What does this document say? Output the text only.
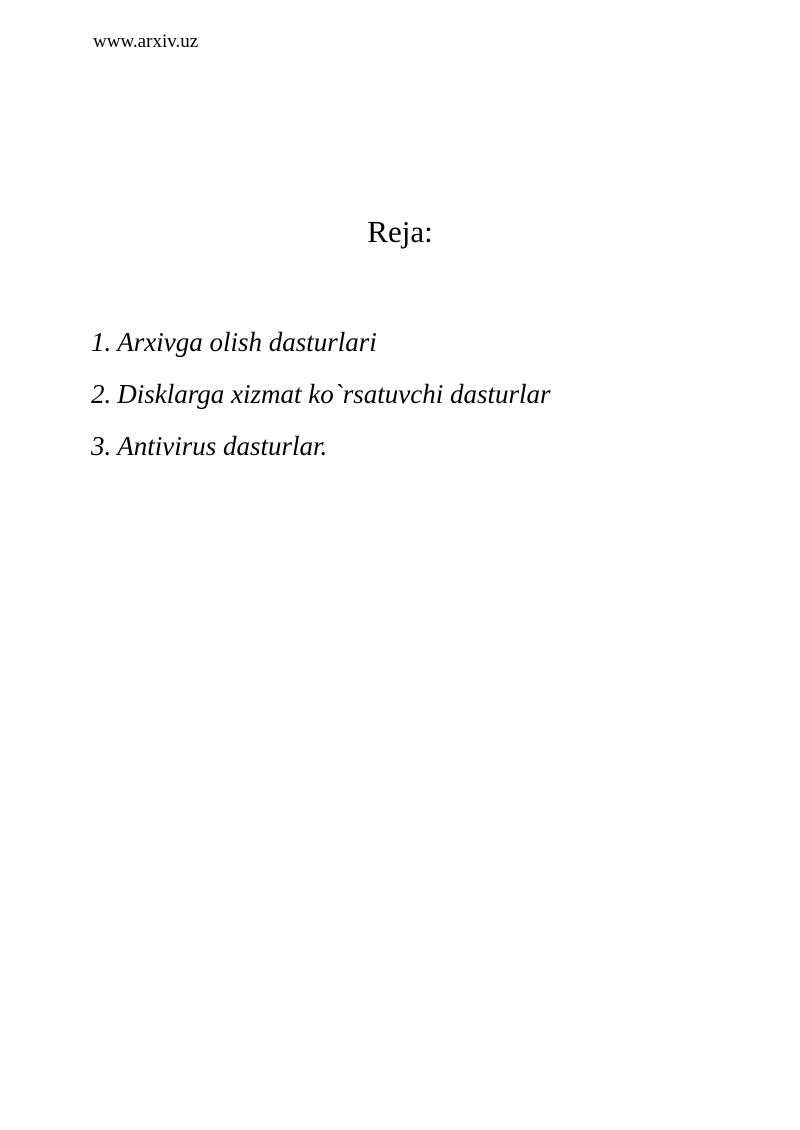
www.arxiv.uz
Reja:
1. Arxivga olish dasturlari
2. Disklarga xizmat ko`rsatuvchi dasturlar
3. Antivirus dasturlar.
